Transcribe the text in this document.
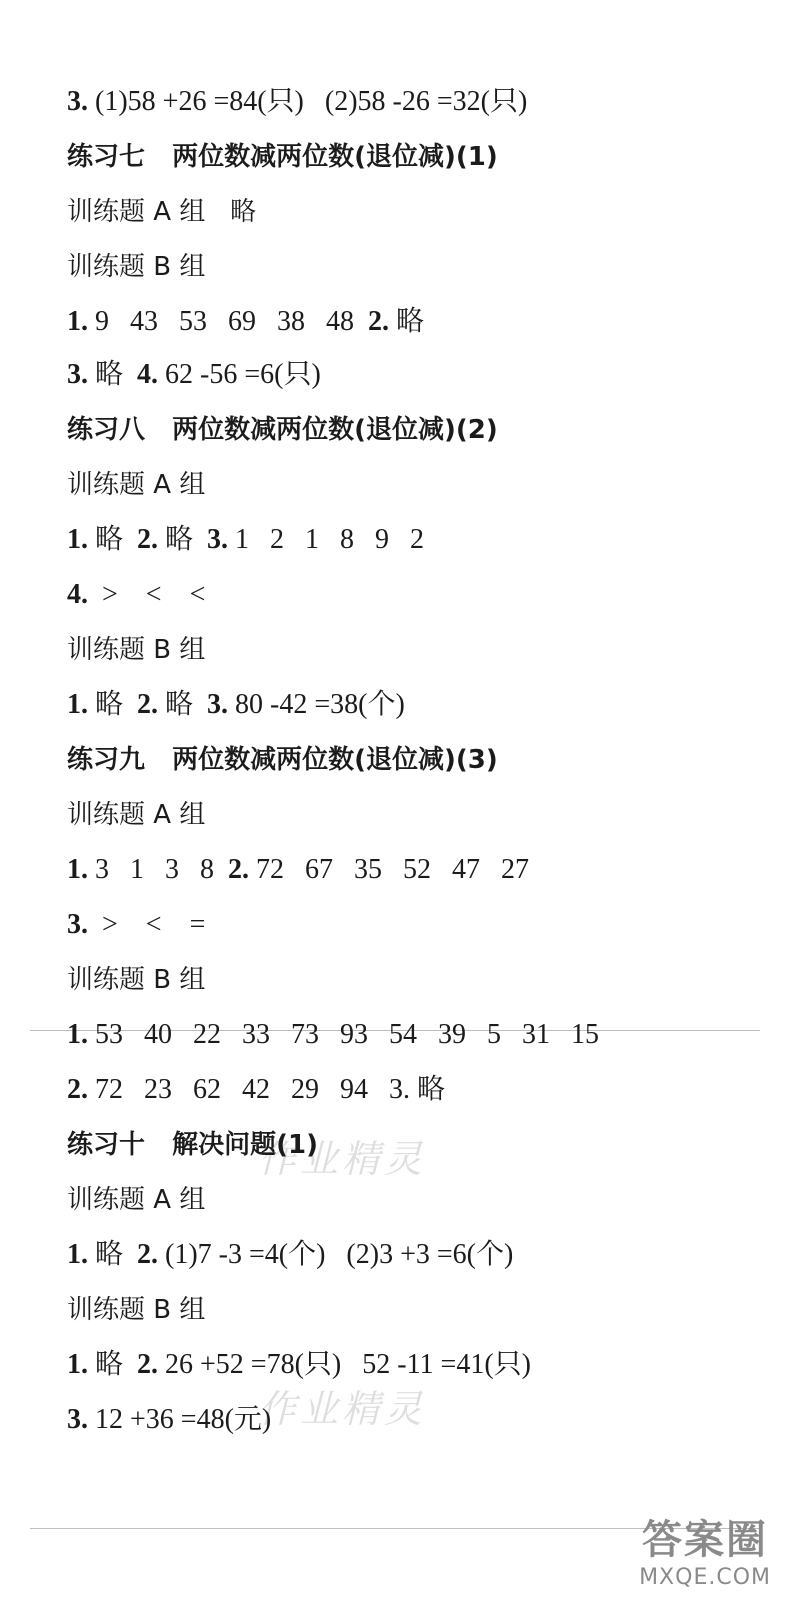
3. (1)58 +26 =84(只)   (2)58 -26 =32(只)
练习七   两位数减两位数(退位减)(1)
训练题 A 组   略
训练题 B 组
1. 9   43   53   69   38   48  2. 略
3. 略  4. 62 -56 =6(只)
练习八   两位数减两位数(退位减)(2)
训练题 A 组
1. 略  2. 略  3. 1   2   1   8   9   2
4.  >    <    <
训练题 B 组
1. 略  2. 略  3. 80 -42 =38(个)
练习九   两位数减两位数(退位减)(3)
训练题 A 组
1. 3   1   3   8  2. 72   67   35   52   47   27
3.  >    <    =
训练题 B 组
1. 53   40   22   33   73   93   54   39   5   31   15
2. 72   23   62   42   29   94   3. 略
作业精灵
练习十   解决问题(1)
训练题 A 组
1. 略  2. (1)7 -3 =4(个)   (2)3 +3 =6(个)
训练题 B 组
作业精灵
1. 略  2. 26 +52 =78(只)   52 -11 =41(只)
3. 12 +36 =48(元)
答案圈
MXQE.COM
